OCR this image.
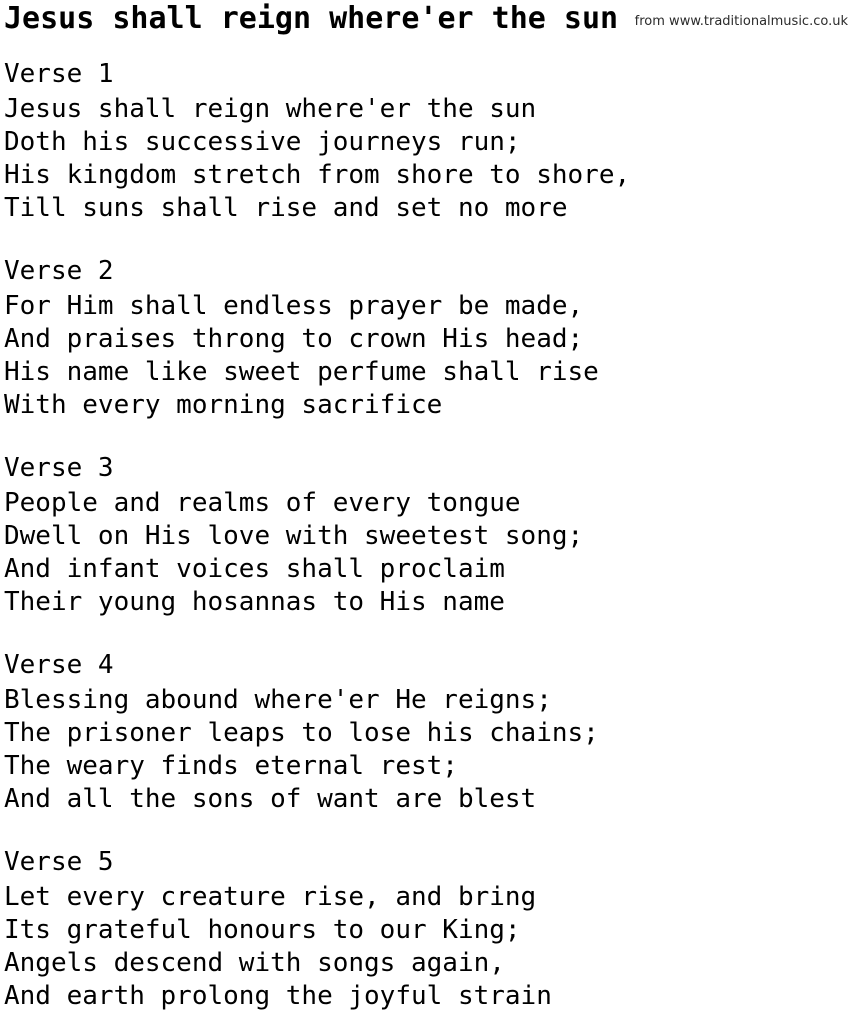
Jesus shall reign where'er the sun	from www.traditionalmusic.co.uk
Verse 1
Jesus shall reign where'er the sun
Doth his successive journeys run;
His kingdom stretch from shore to shore,
Till suns shall rise and set no more
Verse 2
For Him shall endless prayer be made,
And praises throng to crown His head;
His name like sweet perfume shall rise
With every morning sacrifice
Verse 3
People and realms of every tongue
Dwell on His love with sweetest song;
And infant voices shall proclaim
Their young hosannas to His name
Verse 4
Blessing abound where'er He reigns;
The prisoner leaps to lose his chains;
The weary finds eternal rest;
And all the sons of want are blest
Verse 5
Let every creature rise, and bring
Its grateful honours to our King;
Angels descend with songs again,
And earth prolong the joyful strain
